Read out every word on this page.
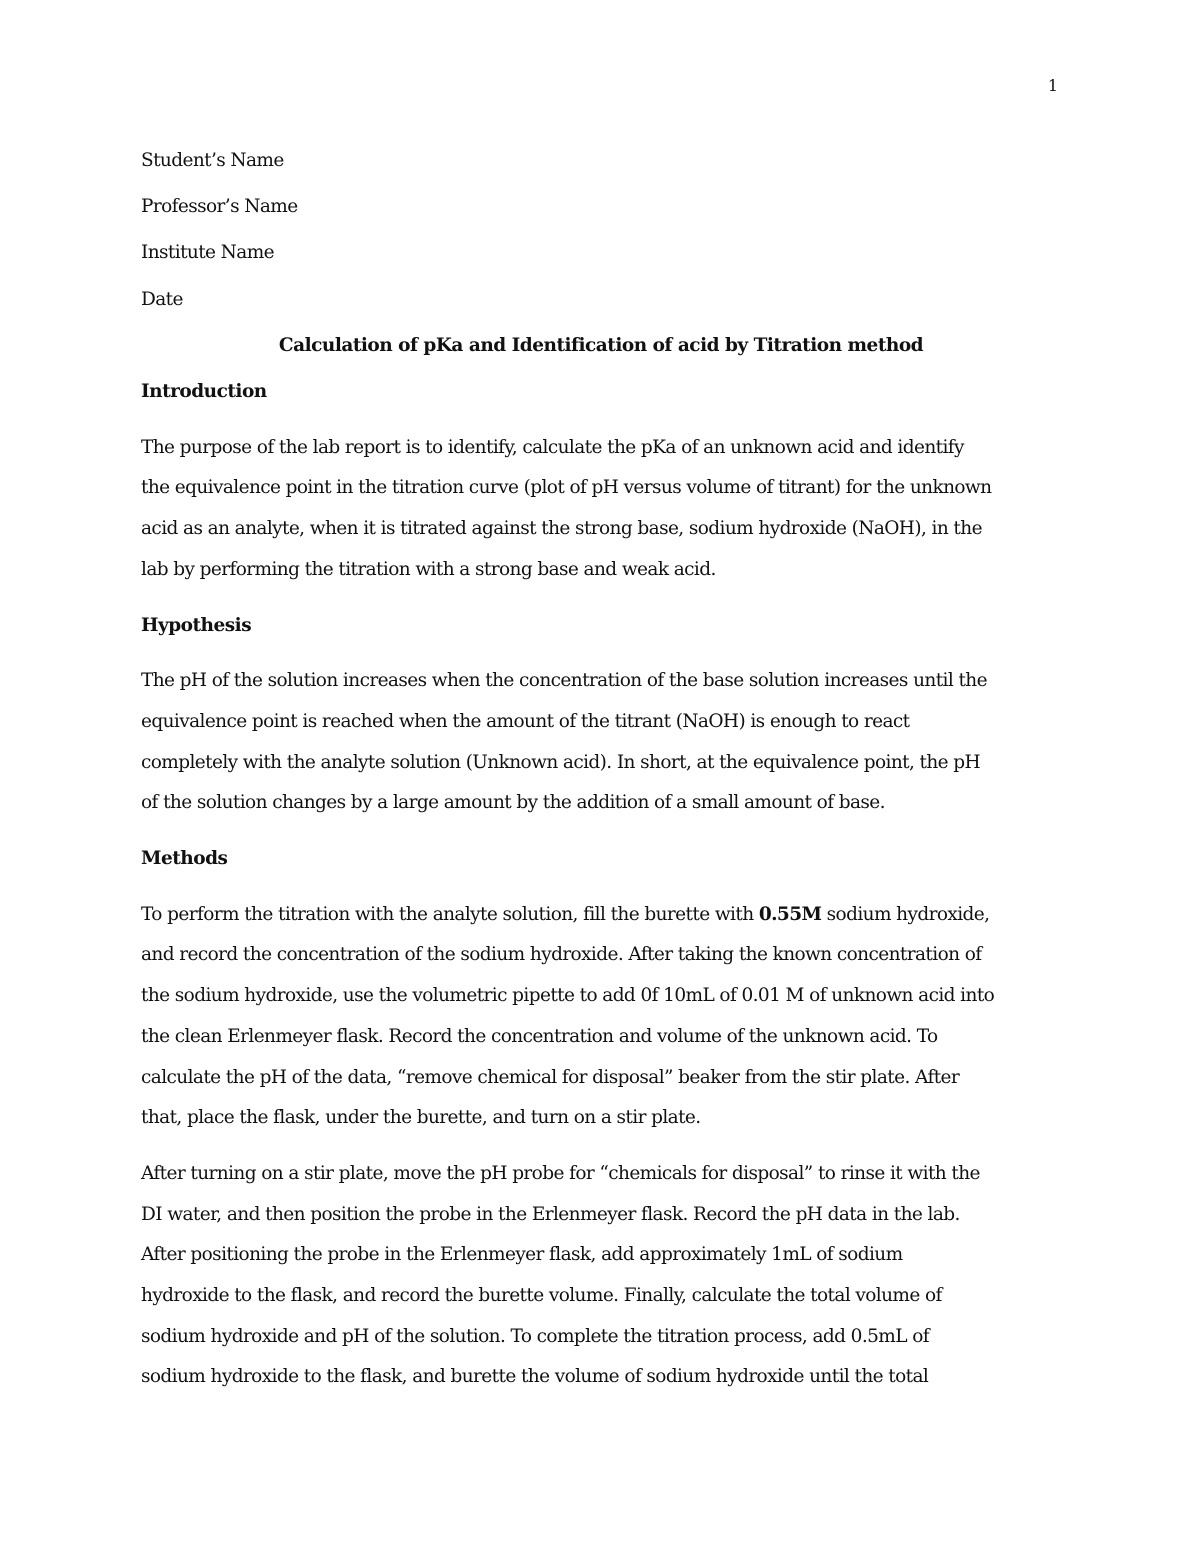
1

Student’s Name

Professor’s Name

Institute Name

Date

Calculation of pKa and Identification of acid by Titration method

Introduction

The purpose of the lab report is to identify, calculate the pKa of an unknown acid and identify

the equivalence point in the titration curve (plot of pH versus volume of titrant) for the unknown

acid as an analyte, when it is titrated against the strong base, sodium hydroxide (NaOH), in the

lab by performing the titration with a strong base and weak acid.

Hypothesis

The pH of the solution increases when the concentration of the base solution increases until the

equivalence point is reached when the amount of the titrant (NaOH) is enough to react

completely with the analyte solution (Unknown acid). In short, at the equivalence point, the pH

of the solution changes by a large amount by the addition of a small amount of base.

Methods

To perform the titration with the analyte solution, fill the burette with 0.55M sodium hydroxide,

and record the concentration of the sodium hydroxide. After taking the known concentration of

the sodium hydroxide, use the volumetric pipette to add 0f 10mL of 0.01 M of unknown acid into

the clean Erlenmeyer flask. Record the concentration and volume of the unknown acid. To

calculate the pH of the data, “remove chemical for disposal” beaker from the stir plate. After

that, place the flask, under the burette, and turn on a stir plate.

After turning on a stir plate, move the pH probe for “chemicals for disposal” to rinse it with the

DI water, and then position the probe in the Erlenmeyer flask. Record the pH data in the lab.

After positioning the probe in the Erlenmeyer flask, add approximately 1mL of sodium

hydroxide to the flask, and record the burette volume. Finally, calculate the total volume of

sodium hydroxide and pH of the solution. To complete the titration process, add 0.5mL of

sodium hydroxide to the flask, and burette the volume of sodium hydroxide until the total
